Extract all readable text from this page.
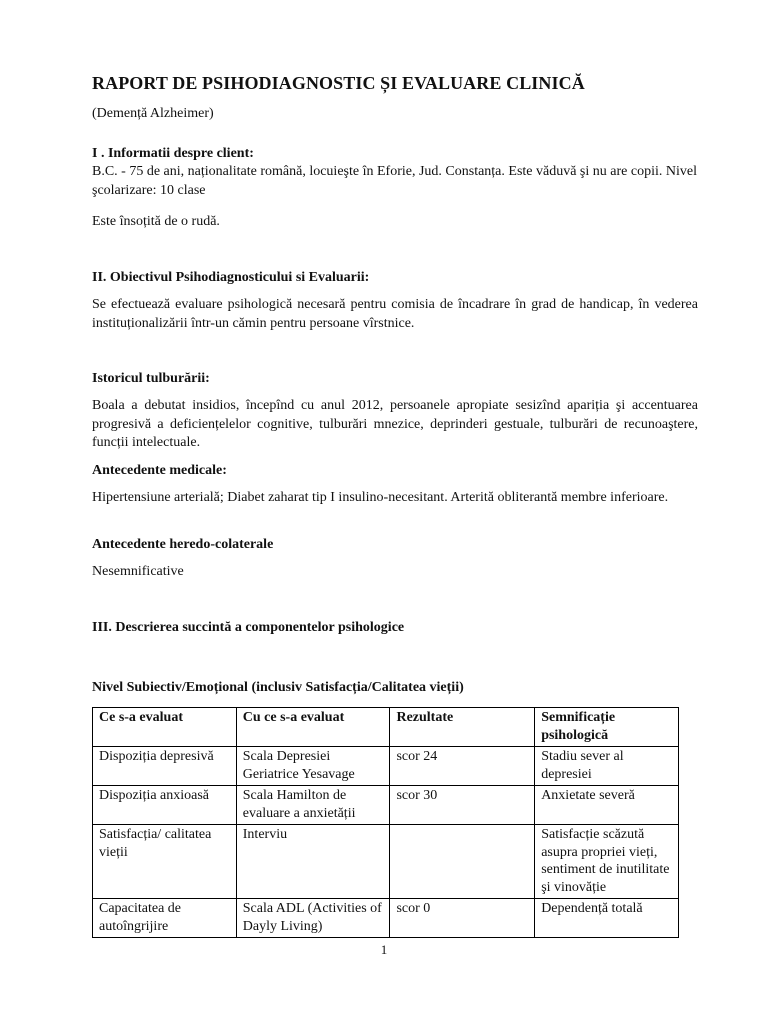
RAPORT DE PSIHODIAGNOSTIC ȘI EVALUARE CLINICĂ

(Demență Alzheimer)

I . Informatii despre client:

B.C. - 75 de ani, naționalitate română, locuieşte în Eforie, Jud. Constanța. Este văduvă şi nu are copii. Nivel şcolarizare: 10 clase

Este însoțită de o rudă.

II. Obiectivul Psihodiagnosticului si Evaluarii:

Se efectuează evaluare psihologică necesară pentru comisia de încadrare în grad de handicap, în vederea instituționalizării într-un cămin pentru persoane vîrstnice.

Istoricul tulburării:

Boala a debutat insidios, începînd cu anul 2012, persoanele apropiate sesizînd apariția şi accentuarea progresivă a deficiențelelor cognitive, tulburări mnezice, deprinderi gestuale, tulburări de recunoaştere, funcții intelectuale.

Antecedente medicale:

Hipertensiune arterială; Diabet zaharat tip I insulino-necesitant. Arterită obliterantă membre inferioare.

Antecedente heredo-colaterale

Nesemnificative

III. Descrierea succintă a componentelor psihologice

Nivel Subiectiv/Emoțional (inclusiv Satisfacția/Calitatea vieții)

Ce s-a evaluat	Cu ce s-a evaluat	Rezultate	Semnificație psihologică
Dispoziția depresivă	Scala Depresiei Geriatrice Yesavage	scor 24	Stadiu sever al depresiei
Dispoziția anxioasă	Scala Hamilton de evaluare a anxietății	scor 30	Anxietate severă
Satisfacția/ calitatea vieții	Interviu		Satisfacție scăzută asupra propriei vieți, sentiment de inutilitate şi vinovăție
Capacitatea de autoîngrijire	Scala ADL (Activities of Dayly Living)	scor 0	Dependență totală
1
